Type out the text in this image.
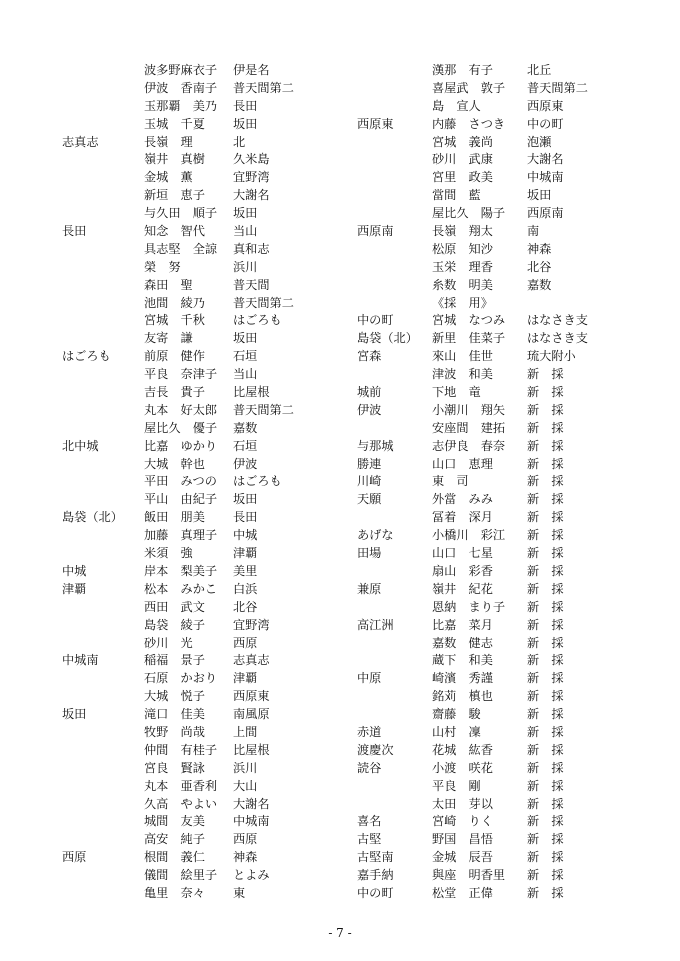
波多野麻衣子 伊是名
伊波　香南子 普天間第二
玉那覇　美乃 長田
玉城　千夏 坂田
志真志	長嶺　理	北
嶺井　真樹 久米島
金城　薫	宜野湾
新垣　恵子 大謝名
与久田　順子 坂田
長田	知念　智代 当山
具志堅　全諒 真和志
榮　努	浜川
森田　聖	普天間
池間　綾乃 普天間第二
宮城　千秋 はごろも
友寄　謙	坂田
はごろも	前原　健作 石垣
平良　奈津子 当山
吉長　貴子 比屋根
丸本　好太郎 普天間第二
屋比久　優子 嘉数
北中城	比嘉　ゆかり 石垣
大城　幹也 伊波
平田　みつの はごろも
平山　由紀子 坂田
島袋（北） 飯田　朋美 長田
加藤　真理子 中城
米須　強	津覇
中城	岸本　梨美子 美里
津覇	松本　みかこ 白浜
西田　武文 北谷
島袋　綾子 宜野湾
砂川　光	西原
中城南	稲福　景子 志真志
石原　かおり 津覇
大城　悦子 西原東
坂田	滝口　佳美 南風原
牧野　尚哉 上間
仲間　有桂子 比屋根
宮良　賢詠 浜川
丸本　亜香利 大山
久高　やよい 大謝名
城間　友美 中城南
高安　純子 西原
西原	根間　義仁 神森
儀間　絵里子 とよみ
亀里　奈々 東
漢那　有子	北丘
喜屋武　敦子 普天間第二
島　宣人	西原東
西原東	内藤　さつき 中の町
宮城　義尚	泡瀬
砂川　武康	大謝名
宮里　政美	中城南
當間　藍	坂田
屋比久　陽子 西原南
西原南	長嶺　翔太	南
松原　知沙	神森
玉栄　理香	北谷
糸数　明美	嘉数
《採　用》
中の町	宮城　なつみ はなさき支
島袋（北） 新里　佳菜子 はなさき支
宮森	來山　佳世	琉大附小
津波　和美	新　採
城前	下地　竜	新　採
伊波	小潮川　翔矢 新　採
安座間　建拓 新　採
与那城	志伊良　春奈 新　採
勝連	山口　恵理	新　採
川崎	東　司	新　採
天願	外當　みみ	新　採
冨着　深月	新　採
あげな	小橋川　彩江 新　採
田場	山口　七星	新　採
扇山　彩香	新　採
兼原	嶺井　紀花	新　採
恩納　まり子 新　採
高江洲	比嘉　菜月	新　採
嘉数　健志	新　採
蔵下　和美	新　採
中原	崎濱　秀謹	新　採
銘苅　槙也	新　採
齋藤　駿	新　採
赤道	山村　凜	新　採
渡慶次	花城　紘香	新　採
読谷	小渡　咲花	新　採
平良　剛	新　採
太田　芽以	新　採
喜名	宮崎　りく	新　採
古堅	野国　昌悟	新　採
古堅南	金城　辰吾	新　採
嘉手納	與座　明香里 新　採
中の町	松堂　正偉	新　採
- 7 -
